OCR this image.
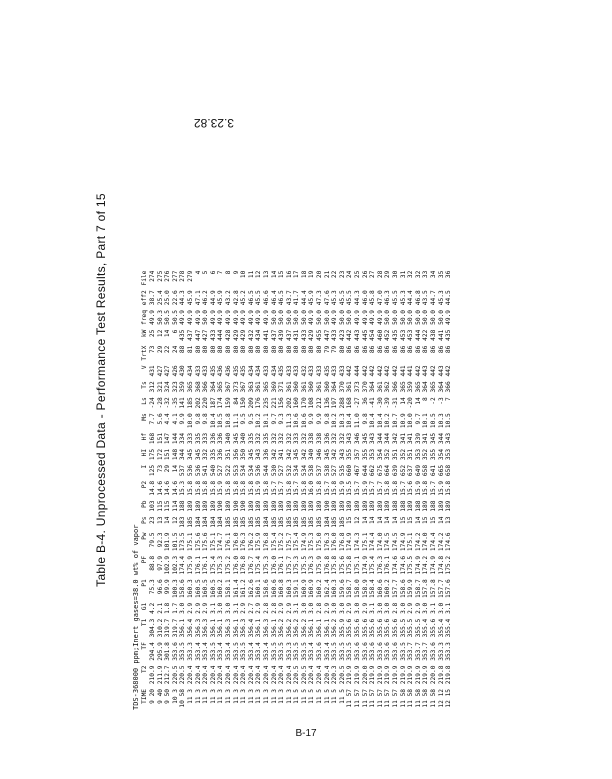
Table B-4. Unprocessed Data - Performance Test Results, Part 7 of 15
TDS-368000 ppm;Inert gases=38.0 wt% of vapor TIME	T2	TF	T1	G1	P1	PF	Pw	Ps	Pb	P2	I	HI	Hf	Ms	Ls	Ts	V	TrtX	kW	freq	eff2	File
9 20	210.9	294.4	304.3	4.2	75.3	88.8	79.5	23	103	14.8	125	175	168	7.7	-24	312	431	73	25	49.9	38.7	274
9 40	211.9	295.9	310.2	2.1	96.6	97.9	92.3	13	115	14.6	73	172	151	5.6	-28	321	427	29	12	50.3	25.4	275
9 50	212.7	301.8	319.7	1.8	99.9	102.9	101.9	14	115	14.6	29	151	147	4.4	-32	324	427	22	14	50.5	25.0	276
10 3	220.5	353.6	319.7	1.7	100.3	102.3	101.5	12	114	14.6	14	148	144	4.1	-35	323	426	24	6	50.5	22.6	277
10 58	220.5	353.5	356.1	3.0	158.6	174.4	173.5	183	188	15.3	537	344	334	9.9	141	359	430	88	435	49.9	44.3	278
11 3	220.4	353.3	356.4	2.9	160.3	175.9	175.1	185	189	15.8	536	345	333	10.0	185	365	434	81	437	49.9	45.9	279
11 3	220.4	353.4	356.3	2.9	160.5	176.1	175.6	184	189	15.8	536	345	335	9.8	202	368	433	80	447	49.9	47.1	4
11 3	220.4	353.4	356.3	2.9	160.5	176.1	175.6	184	189	15.8	541	332	333	9.8	220	366	433	80	427	50.0	46.2	5
11 3	220.4	353.5	356.1	3.1	160.5	175.4	175.1	184	189	15.8	540	335	336	10.4	187	364	435	80	433	49.9	44.9	6
11 3	220.4	353.4	356.1	3.0	160.2	175.3	174.7	184	190	15.9	527	336	336	10.5	174	365	436	80	444	49.9	45.9	7
11 3	220.4	353.4	356.3	3.0	158.1	175.2	176.1	185	189	15.8	522	351	340	10.8	159	367	436	80	428	49.9	43.2	8
11 3	220.4	353.5	356.1	3.1	161.4	176.0	176.0	185	190	15.8	553	356	345	11.1	84	373	435	80	429	49.9	42.8	9
11 3	220.4	353.5	356.3	2.9	161.2	176.8	176.3	185	190	15.8	534	350	340	9.5	150	367	435	80	429	49.9	45.2	10
11 3	220.4	353.4	356.4	2.7	162.6	176.7	176.2	185	189	15.8	534	345	335	9.5	209	363	434	80	432	49.9	46.5	11
11 3	220.4	353.4	356.1	2.9	160.1	175.4	175.9	185	189	15.9	536	343	332	10.2	176	361	434	80	434	49.9	45.5	12
11 3	220.4	353.4	356.3	2.8	158.6	175.3	176.8	184	189	15.8	544	336	335	10.1	235	365	433	80	441	49.9	46.6	13
11 3	220.4	353.5	356.1	2.8	160.6	176.0	175.4	185	189	15.7	530	342	332	9.7	221	369	434	80	437	50.0	46.4	14
11 3	220.4	353.5	356.2	2.9	160.8	176.1	175.2	185	189	15.7	527	341	332	9.3	156	371	435	80	439	50.0	46.5	15
11 3	220.4	353.3	356.2	2.9	160.3	175.7	175.7	185	189	15.8	532	342	332	11.3	202	361	433	80	437	50.0	43.7	16
11 5	220.5	353.5	356.2	3.1	159.1	175.3	175.4	185	189	15.7	534	345	333	10.6	160	360	433	80	431	50.0	41.7	17
11 5	220.5	353.5	356.2	3.0	160.9	175.5	174.9	185	189	15.8	534	342	332	10.6	170	361	432	80	433	50.0	44.4	18
11 5	220.4	353.4	356.1	3.0	160.9	176.3	175.3	185	189	16.0	538	340	338	9.9	108	360	433	80	429	49.9	45.9	19
11 5	220.4	353.6	356.1	2.8	160.2	175.9	175.0	185	189	15.8	537	346	338	9.9	212	361	433	80	455	50.0	47.3	20
11 5	220.4	353.4	356.1	2.9	162.4	176.8	176.3	184	190	15.7	538	345	336	9.8	136	360	435	79	447	50.0	47.6	21
11 5	220.3	353.5	356.2	3.0	160.3	175.8	176.0	185	189	15.8	527	342	332	10.2	197	364	433	79	433	49.9	45.3	22
11 5	220.5	353.5	355.9	3.0	159.6	175.6	176.8	185	189	15.9	535	343	332	10.3	288	370	433	80	423	50.0	45.5	23
11 57	219.9	353.5	355.6	2.9	158.7	175.8	174.9	15	189	15.5	660	355	343	10.4	168	361	442	86	442	50.0	45.5	24
11 57	219.9	353.6	355.6	3.0	158.0	175.1	174.3	12	189	15.7	467	357	346	11.0	-27	373	444	86	443	49.9	44.3	25
11 57	220.0	353.6	355.6	2.9	158.9	174.9	175.1	14	189	15.9	644	355	345	9.8	36	370	442	86	445	49.9	46.0	26
11 57	219.9	353.6	355.6	3.1	158.4	175.4	174.4	14	189	15.7	662	353	343	10.4	-41	364	442	86	454	49.9	45.8	27
11 57	219.9	353.6	355.6	3.0	160.6	176.3	174.0	14	189	15.7	675	354	344	10.4	-30	361	442	86	460	49.9	47.0	28
11 57	219.9	353.6	355.6	3.0	160.2	176.1	174.5	14	189	15.8	664	352	344	10.2	-39	362	442	86	452	50.0	46.3	29
11 57	219.9	353.6	355.6	2.8	157.7	174.6	174.5	14	188	15.8	639	351	342	10.7	-31	366	442	86	435	50.0	45.5	30
11 58	219.9	353.5	355.5	3.0	158.6	174.6	174.9	15	188	15.7	652	352	341	10.9	14	365	441	86	453	50.0	45.3	31
11 58	219.9	353.7	355.5	2.9	159.9	175.5	175.1	15	189	15.6	637	351	341	10.0	-20	359	441	86	453	50.0	44.4	32
11 58	219.9	353.7	355.5	2.9	158.7	174.9	174.2	14	188	15.9	649	353	339	9.7	14	365	442	86	444	50.0	46.8	32
11 58	219.9	353.7	355.4	3.0	157.8	174.2	174.0	15	189	15.8	658	352	341	10.1	8	364	443	86	422	50.0	43.5	33
11 58	220.0	353.6	355.6	3.1	157.8	174.9	174.4	15	188	15.7	641	355	345	10.5	-2	365	442	86	438	50.0	44.7	34
12 12	219.8	353.3	355.4	3.0	157.7	174.8	174.2	14	189	15.9	665	354	344	10.3	-3	364	443	86	441	50.0	45.3	35
12 15	219.8	353.3	355.4	3.1	157.6	175.2	174.6	13	189	15.8	658	353	343	10.5	7	366	442	86	435	49.9	44.5	36
3.23.82
B-17
